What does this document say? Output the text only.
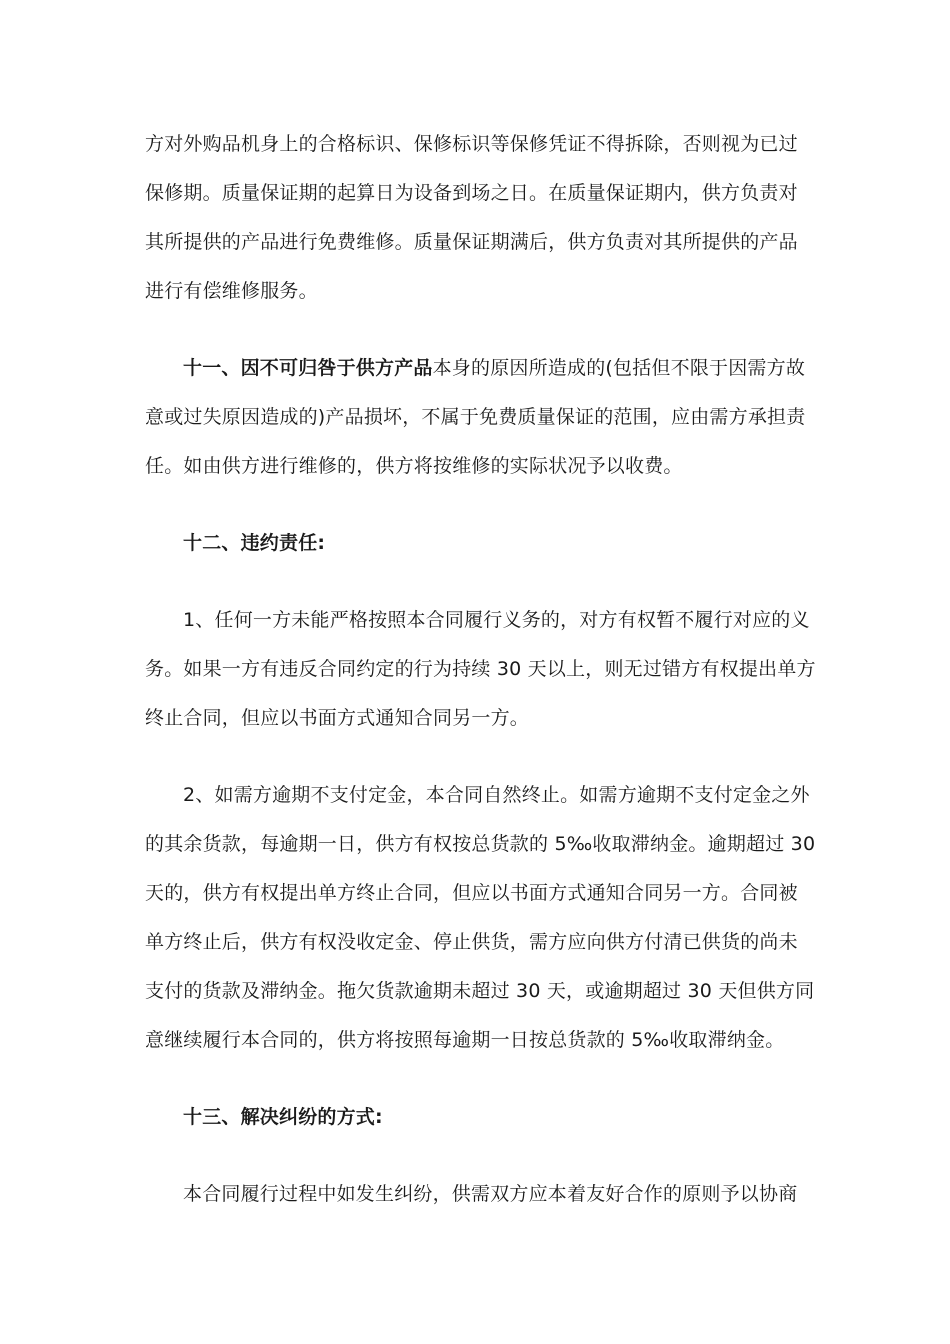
方对外购品机身上的合格标识、保修标识等保修凭证不得拆除，否则视为已过
保修期。质量保证期的起算日为设备到场之日。在质量保证期内，供方负责对
其所提供的产品进行免费维修。质量保证期满后，供方负责对其所提供的产品
进行有偿维修服务。
十一、因不可归咎于供方产品本身的原因所造成的(包括但不限于因需方故
意或过失原因造成的)产品损坏，不属于免费质量保证的范围，应由需方承担责
任。如由供方进行维修的，供方将按维修的实际状况予以收费。
十二、违约责任:
1、任何一方未能严格按照本合同履行义务的，对方有权暂不履行对应的义
务。如果一方有违反合同约定的行为持续 30 天以上，则无过错方有权提出单方
终止合同，但应以书面方式通知合同另一方。
2、如需方逾期不支付定金，本合同自然终止。如需方逾期不支付定金之外
的其余货款，每逾期一日，供方有权按总货款的 5‰收取滞纳金。逾期超过 30
天的，供方有权提出单方终止合同，但应以书面方式通知合同另一方。合同被
单方终止后，供方有权没收定金、停止供货，需方应向供方付清已供货的尚未
支付的货款及滞纳金。拖欠货款逾期未超过 30 天，或逾期超过 30 天但供方同
意继续履行本合同的，供方将按照每逾期一日按总货款的 5‰收取滞纳金。
十三、解决纠纷的方式:
本合同履行过程中如发生纠纷，供需双方应本着友好合作的原则予以协商
